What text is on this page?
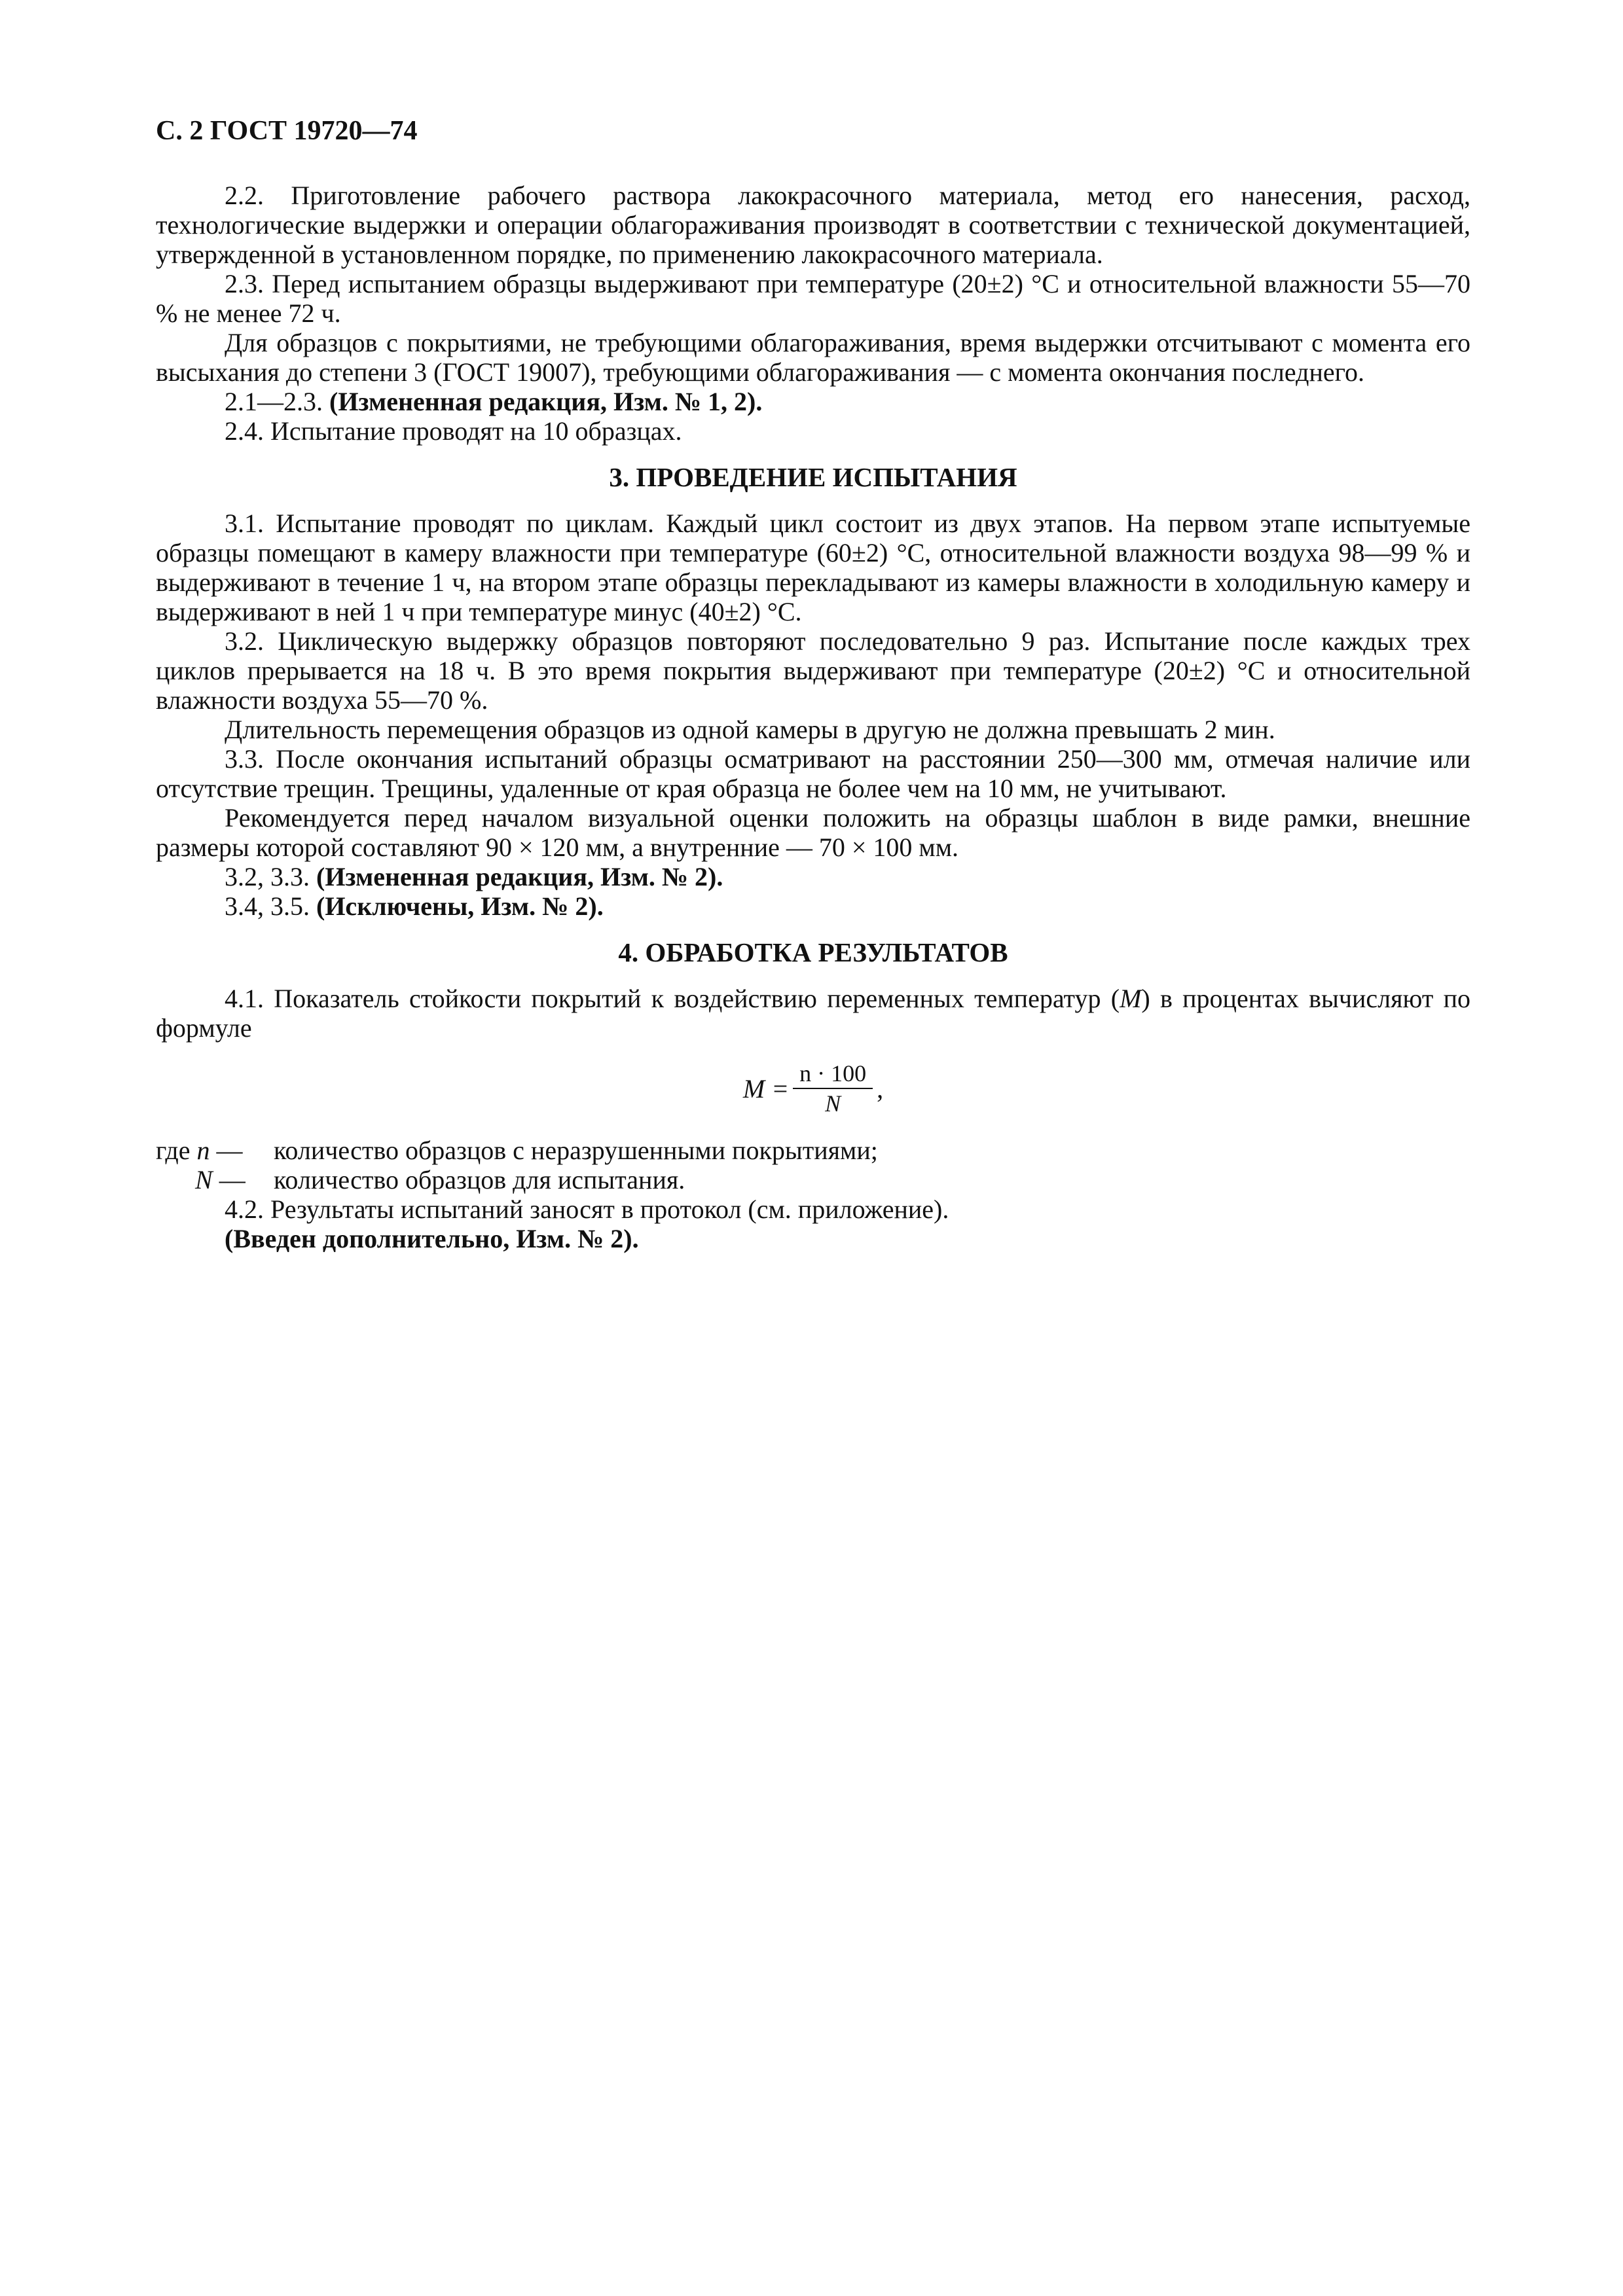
С. 2 ГОСТ 19720—74

2.2. Приготовление рабочего раствора лакокрасочного материала, метод его нанесения, расход, технологические выдержки и операции облагораживания производят в соответствии с технической документацией, утвержденной в установленном порядке, по применению лакокрасочного материала.

2.3. Перед испытанием образцы выдерживают при температуре (20±2) °С и относительной влажности 55—70 % не менее 72 ч.

Для образцов с покрытиями, не требующими облагораживания, время выдержки отсчитывают с момента его высыхания до степени 3 (ГОСТ 19007), требующими облагораживания — с момента окончания последнего.

2.1—2.3. (Измененная редакция, Изм. № 1, 2).

2.4. Испытание проводят на 10 образцах.

3. ПРОВЕДЕНИЕ ИСПЫТАНИЯ

3.1. Испытание проводят по циклам. Каждый цикл состоит из двух этапов. На первом этапе испытуемые образцы помещают в камеру влажности при температуре (60±2) °С, относительной влажности воздуха 98—99 % и выдерживают в течение 1 ч, на втором этапе образцы перекладывают из камеры влажности в холодильную камеру и выдерживают в ней 1 ч при температуре минус (40±2) °С.

3.2. Циклическую выдержку образцов повторяют последовательно 9 раз. Испытание после каждых трех циклов прерывается на 18 ч. В это время покрытия выдерживают при температуре (20±2) °С и относительной влажности воздуха 55—70 %.

Длительность перемещения образцов из одной камеры в другую не должна превышать 2 мин.

3.3. После окончания испытаний образцы осматривают на расстоянии 250—300 мм, отмечая наличие или отсутствие трещин. Трещины, удаленные от края образца не более чем на 10 мм, не учитывают.

Рекомендуется перед началом визуальной оценки положить на образцы шаблон в виде рамки, внешние размеры которой составляют 90 × 120 мм, а внутренние — 70 × 100 мм.

3.2, 3.3. (Измененная редакция, Изм. № 2).

3.4, 3.5. (Исключены, Изм. № 2).

4. ОБРАБОТКА РЕЗУЛЬТАТОВ

4.1. Показатель стойкости покрытий к воздействию переменных температур (М) в процентах вычисляют по формуле

$M = \frac{n \cdot 100}{N}$ ,
где n — количество образцов с неразрушенными покрытиями;
N — количество образцов для испытания.

4.2. Результаты испытаний заносят в протокол (см. приложение).

(Введен дополнительно, Изм. № 2).
